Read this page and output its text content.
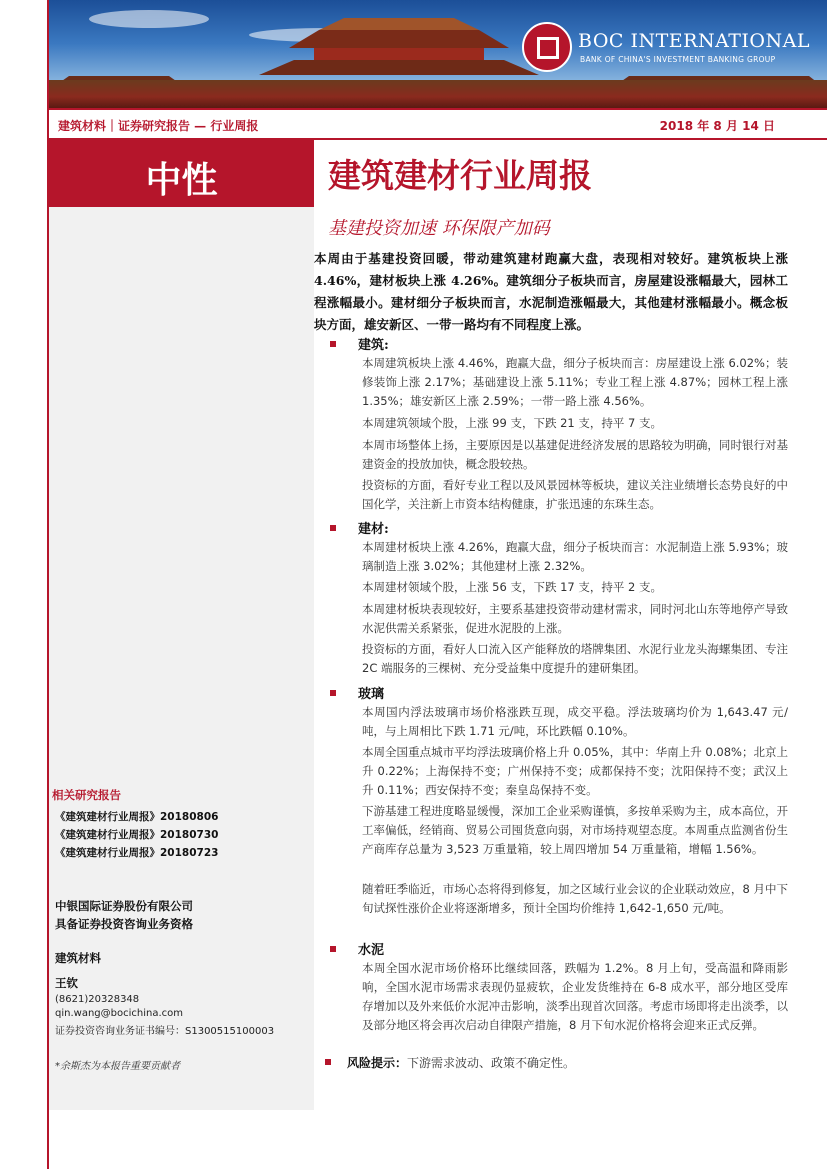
BOC INTERNATIONAL
BANK OF CHINA'S INVESTMENT BANKING GROUP
建筑材料｜证券研究报告 — 行业周报	2018 年 8 月 14 日
中性	建筑建材行业周报
基建投资加速 环保限产加码
本周由于基建投资回暖，带动建筑建材跑赢大盘，表现相对较好。建筑板块上涨 4.46%，建材板块上涨 4.26%。建筑细分子板块而言，房屋建设涨幅最大，园林工程涨幅最小。建材细分子板块而言，水泥制造涨幅最大，其他建材涨幅最小。概念板块方面，雄安新区、一带一路均有不同程度上涨。
建筑:
本周建筑板块上涨 4.46%，跑赢大盘，细分子板块而言：房屋建设上涨 6.02%；装修装饰上涨 2.17%；基础建设上涨 5.11%；专业工程上涨 4.87%；园林工程上涨 1.35%；雄安新区上涨 2.59%；一带一路上涨 4.56%。
本周建筑领域个股，上涨 99 支，下跌 21 支，持平 7 支。
本周市场整体上扬，主要原因是以基建促进经济发展的思路较为明确，同时银行对基建资金的投放加快，概念股较热。
投资标的方面，看好专业工程以及风景园林等板块，建议关注业绩增长态势良好的中国化学，关注新上市资本结构健康，扩张迅速的东珠生态。
建材:
本周建材板块上涨 4.26%，跑赢大盘，细分子板块而言：水泥制造上涨 5.93%；玻璃制造上涨 3.02%；其他建材上涨 2.32%。
本周建材领域个股，上涨 56 支，下跌 17 支，持平 2 支。
本周建材板块表现较好，主要系基建投资带动建材需求，同时河北山东等地停产导致水泥供需关系紧张，促进水泥股的上涨。
投资标的方面，看好人口流入区产能释放的塔牌集团、水泥行业龙头海螺集团、专注 2C 端服务的三棵树、充分受益集中度提升的建研集团。
玻璃
本周国内浮法玻璃市场价格涨跌互现，成交平稳。浮法玻璃均价为 1,643.47 元/吨，与上周相比下跌 1.71 元/吨，环比跌幅 0.10%。
本周全国重点城市平均浮法玻璃价格上升 0.05%，其中：华南上升 0.08%；北京上升 0.22%；上海保持不变；广州保持不变；成都保持不变；沈阳保持不变；武汉上升 0.11%；西安保持不变；秦皇岛保持不变。
下游基建工程进度略显缓慢，深加工企业采购谨慎，多按单采购为主，成本高位，开工率偏低，经销商、贸易公司囤货意向弱，对市场持观望态度。本周重点监测省份生产商库存总量为 3,523 万重量箱，较上周四增加 54 万重量箱，增幅 1.56%。
随着旺季临近，市场心态将得到修复，加之区域行业会议的企业联动效应，8 月中下旬试探性涨价企业将逐渐增多，预计全国均价维持 1,642-1,650 元/吨。
水泥
本周全国水泥市场价格环比继续回落，跌幅为 1.2%。8 月上旬，受高温和降雨影响，全国水泥市场需求表现仍显疲软，企业发货维持在 6-8 成水平，部分地区受库存增加以及外来低价水泥冲击影响，淡季出现首次回落。考虑市场即将走出淡季，以及部分地区将会再次启动自律限产措施，8 月下旬水泥价格将会迎来正式反弹。
风险提示：下游需求波动、政策不确定性。
相关研究报告
《建筑建材行业周报》20180806
《建筑建材行业周报》20180730
《建筑建材行业周报》20180723
中银国际证券股份有限公司
具备证券投资咨询业务资格
建筑材料
王钦
(8621)20328348
qin.wang@bocichina.com
证券投资咨询业务证书编号：S1300515100003
*余斯杰为本报告重要贡献者
